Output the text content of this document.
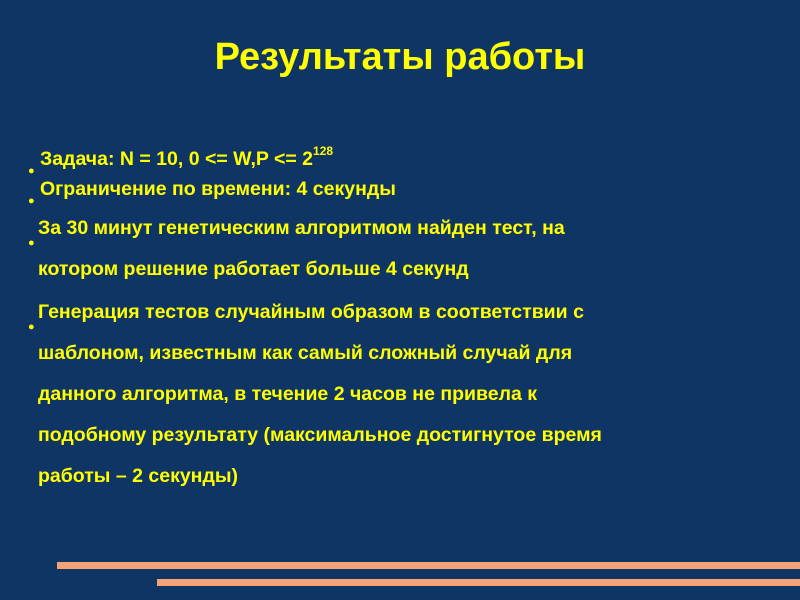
Результаты работы
●
Задача: N = 10, $0 <= W,P <= 2^{128}$
●
Ограничение по времени: 4 секунды
●
За 30 минут генетическим алгоритмом найден тест, на
котором решение работает больше 4 секунд
●
Генерация тестов случайным образом в соответствии с
шаблоном, известным как самый сложный случай для
данного алгоритма, в течение 2 часов не привела к
подобному результату (максимальное достигнутое время
работы – 2 секунды)
